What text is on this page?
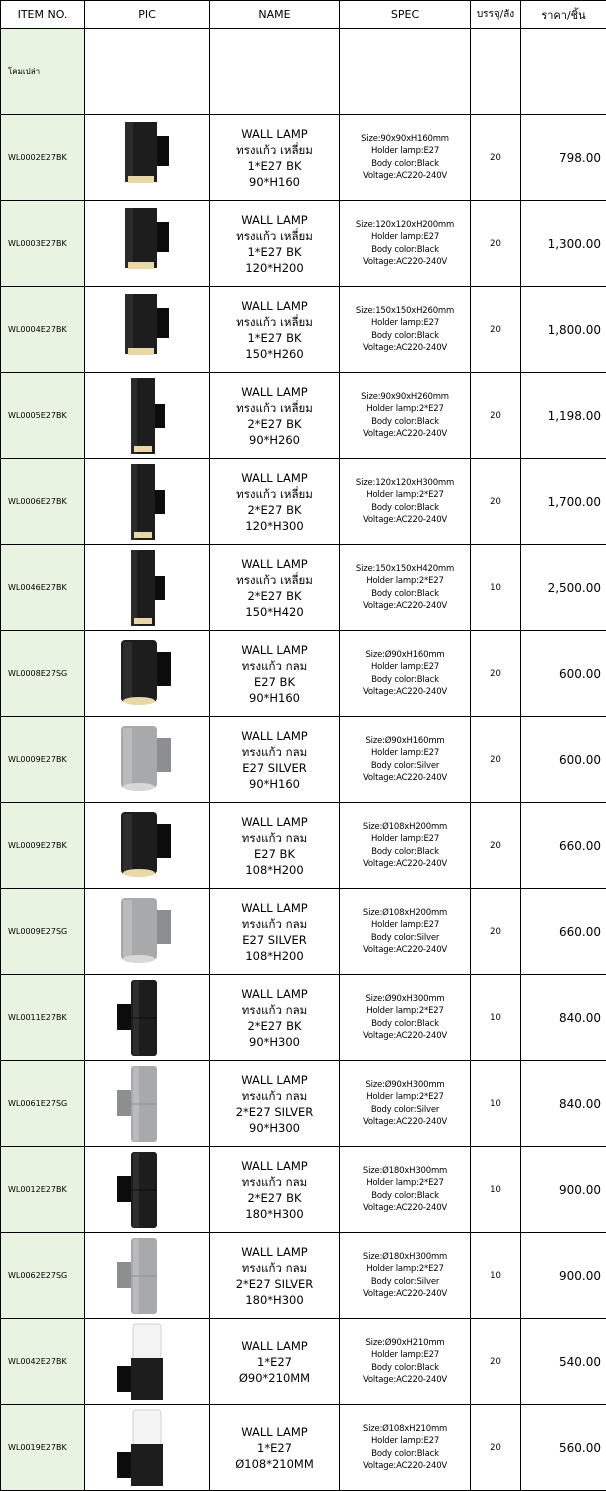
ITEM NO.	PIC	NAME	SPEC	บรรจุ/ลัง	ราคา/ชิ้น
โคมเปล่า					
WL0002E27BK		WALL LAMP
ทรงแก้ว เหลี่ยม
1*E27 BK
90*H160	Size:90x90xH160mm
Holder lamp:E27
Body color:Black
Voltage:AC220-240V	20	798.00
WL0003E27BK		WALL LAMP
ทรงแก้ว เหลี่ยม
1*E27 BK
120*H200	Size:120x120xH200mm
Holder lamp:E27
Body color:Black
Voltage:AC220-240V	20	1,300.00
WL0004E27BK		WALL LAMP
ทรงแก้ว เหลี่ยม
1*E27 BK
150*H260	Size:150x150xH260mm
Holder lamp:E27
Body color:Black
Voltage:AC220-240V	20	1,800.00
WL0005E27BK		WALL LAMP
ทรงแก้ว เหลี่ยม
2*E27 BK
90*H260	Size:90x90xH260mm
Holder lamp:2*E27
Body color:Black
Voltage:AC220-240V	20	1,198.00
WL0006E27BK		WALL LAMP
ทรงแก้ว เหลี่ยม
2*E27 BK
120*H300	Size:120x120xH300mm
Holder lamp:2*E27
Body color:Black
Voltage:AC220-240V	20	1,700.00
WL0046E27BK		WALL LAMP
ทรงแก้ว เหลี่ยม
2*E27 BK
150*H420	Size:150x150xH420mm
Holder lamp:2*E27
Body color:Black
Voltage:AC220-240V	10	2,500.00
WL0008E27SG		WALL LAMP
ทรงแก้ว กลม
E27 BK
90*H160	Size:Ø90xH160mm
Holder lamp:E27
Body color:Black
Voltage:AC220-240V	20	600.00
WL0009E27BK		WALL LAMP
ทรงแก้ว กลม
E27 SILVER
90*H160	Size:Ø90xH160mm
Holder lamp:E27
Body color:Silver
Voltage:AC220-240V	20	600.00
WL0009E27BK		WALL LAMP
ทรงแก้ว กลม
E27 BK
108*H200	Size:Ø108xH200mm
Holder lamp:E27
Body color:Black
Voltage:AC220-240V	20	660.00
WL0009E27SG		WALL LAMP
ทรงแก้ว กลม
E27 SILVER
108*H200	Size:Ø108xH200mm
Holder lamp:E27
Body color:Silver
Voltage:AC220-240V	20	660.00
WL0011E27BK		WALL LAMP
ทรงแก้ว กลม
2*E27 BK
90*H300	Size:Ø90xH300mm
Holder lamp:2*E27
Body color:Black
Voltage:AC220-240V	10	840.00
WL0061E27SG		WALL LAMP
ทรงแก้ว กลม
2*E27 SILVER
90*H300	Size:Ø90xH300mm
Holder lamp:2*E27
Body color:Silver
Voltage:AC220-240V	10	840.00
WL0012E27BK		WALL LAMP
ทรงแก้ว กลม
2*E27 BK
180*H300	Size:Ø180xH300mm
Holder lamp:2*E27
Body color:Black
Voltage:AC220-240V	10	900.00
WL0062E27SG		WALL LAMP
ทรงแก้ว กลม
2*E27 SILVER
180*H300	Size:Ø180xH300mm
Holder lamp:2*E27
Body color:Silver
Voltage:AC220-240V	10	900.00
WL0042E27BK		WALL LAMP
1*E27
Ø90*210MM	Size:Ø90xH210mm
Holder lamp:E27
Body color:Black
Voltage:AC220-240V	20	540.00
WL0019E27BK		WALL LAMP
1*E27
Ø108*210MM	Size:Ø108xH210mm
Holder lamp:E27
Body color:Black
Voltage:AC220-240V	20	560.00
